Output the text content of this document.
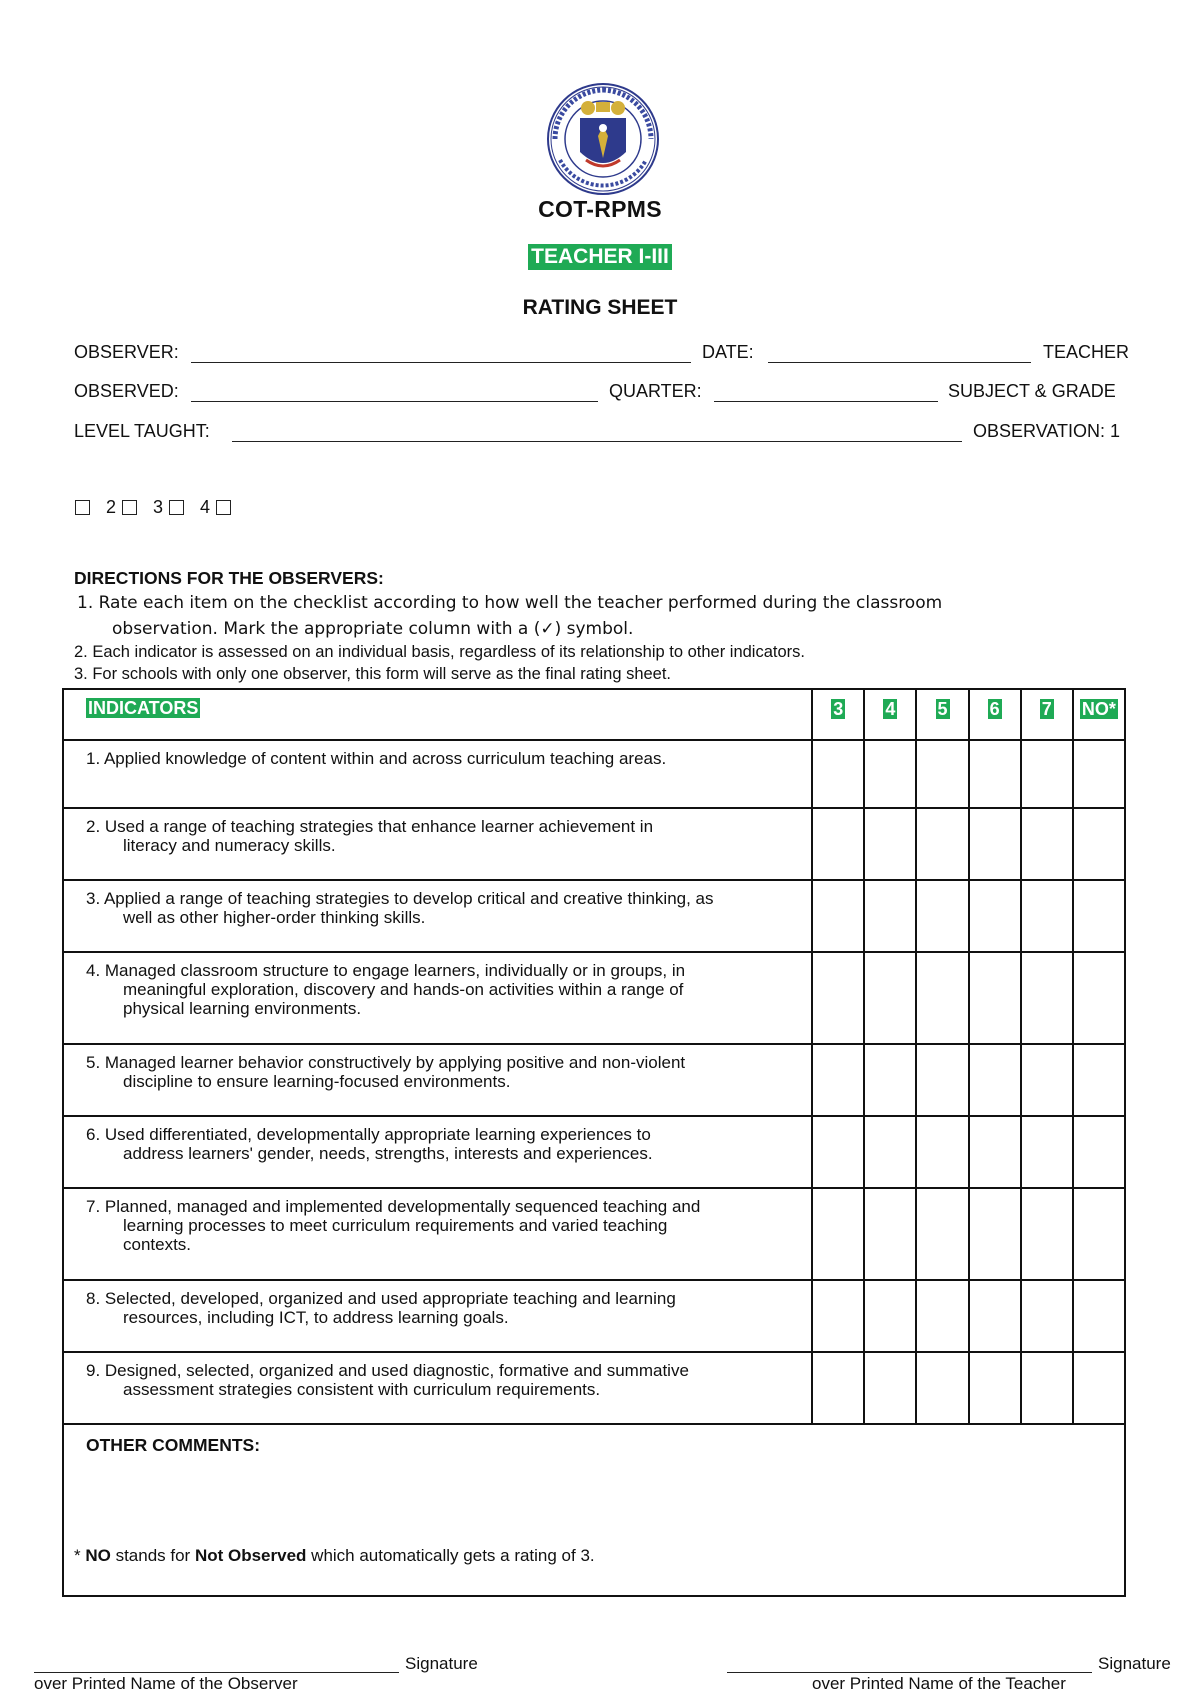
COT-RPMS
TEACHER I-III
RATING SHEET
OBSERVER:	DATE:	TEACHER
OBSERVED:	QUARTER:	SUBJECT & GRADE
LEVEL TAUGHT:	OBSERVATION: 1
2 3 4
DIRECTIONS FOR THE OBSERVERS:
1. Rate each item on the checklist according to how well the teacher performed during the classroom
observation. Mark the appropriate column with a (✓) symbol.
2. Each indicator is assessed on an individual basis, regardless of its relationship to other indicators.
3. For schools with only one observer, this form will serve as the final rating sheet.
INDICATORS	3	4	5	6	7	NO*
1. Applied knowledge of content within and across curriculum teaching areas.						
2. Used a range of teaching strategies that enhance learner achievement in
literacy and numeracy skills.						

3. Applied a range of teaching strategies to develop critical and creative thinking, as
well as other higher-order thinking skills.						

4. Managed classroom structure to engage learners, individually or in groups, in
meaningful exploration, discovery and hands-on activities within a range of
physical learning environments.						

5. Managed learner behavior constructively by applying positive and non-violent
discipline to ensure learning-focused environments.						

6. Used differentiated, developmentally appropriate learning experiences to
address learners' gender, needs, strengths, interests and experiences.						

7. Planned, managed and implemented developmentally sequenced teaching and
learning processes to meet curriculum requirements and varied teaching
contexts.						

8. Selected, developed, organized and used appropriate teaching and learning
resources, including ICT, to address learning goals.						

9. Designed, selected, organized and used diagnostic, formative and summative
assessment strategies consistent with curriculum requirements.						

OTHER COMMENTS:						
* NO stands for Not Observed which automatically gets a rating of 3.
Signature
over Printed Name of the Observer
Signature
over Printed Name of the Teacher
